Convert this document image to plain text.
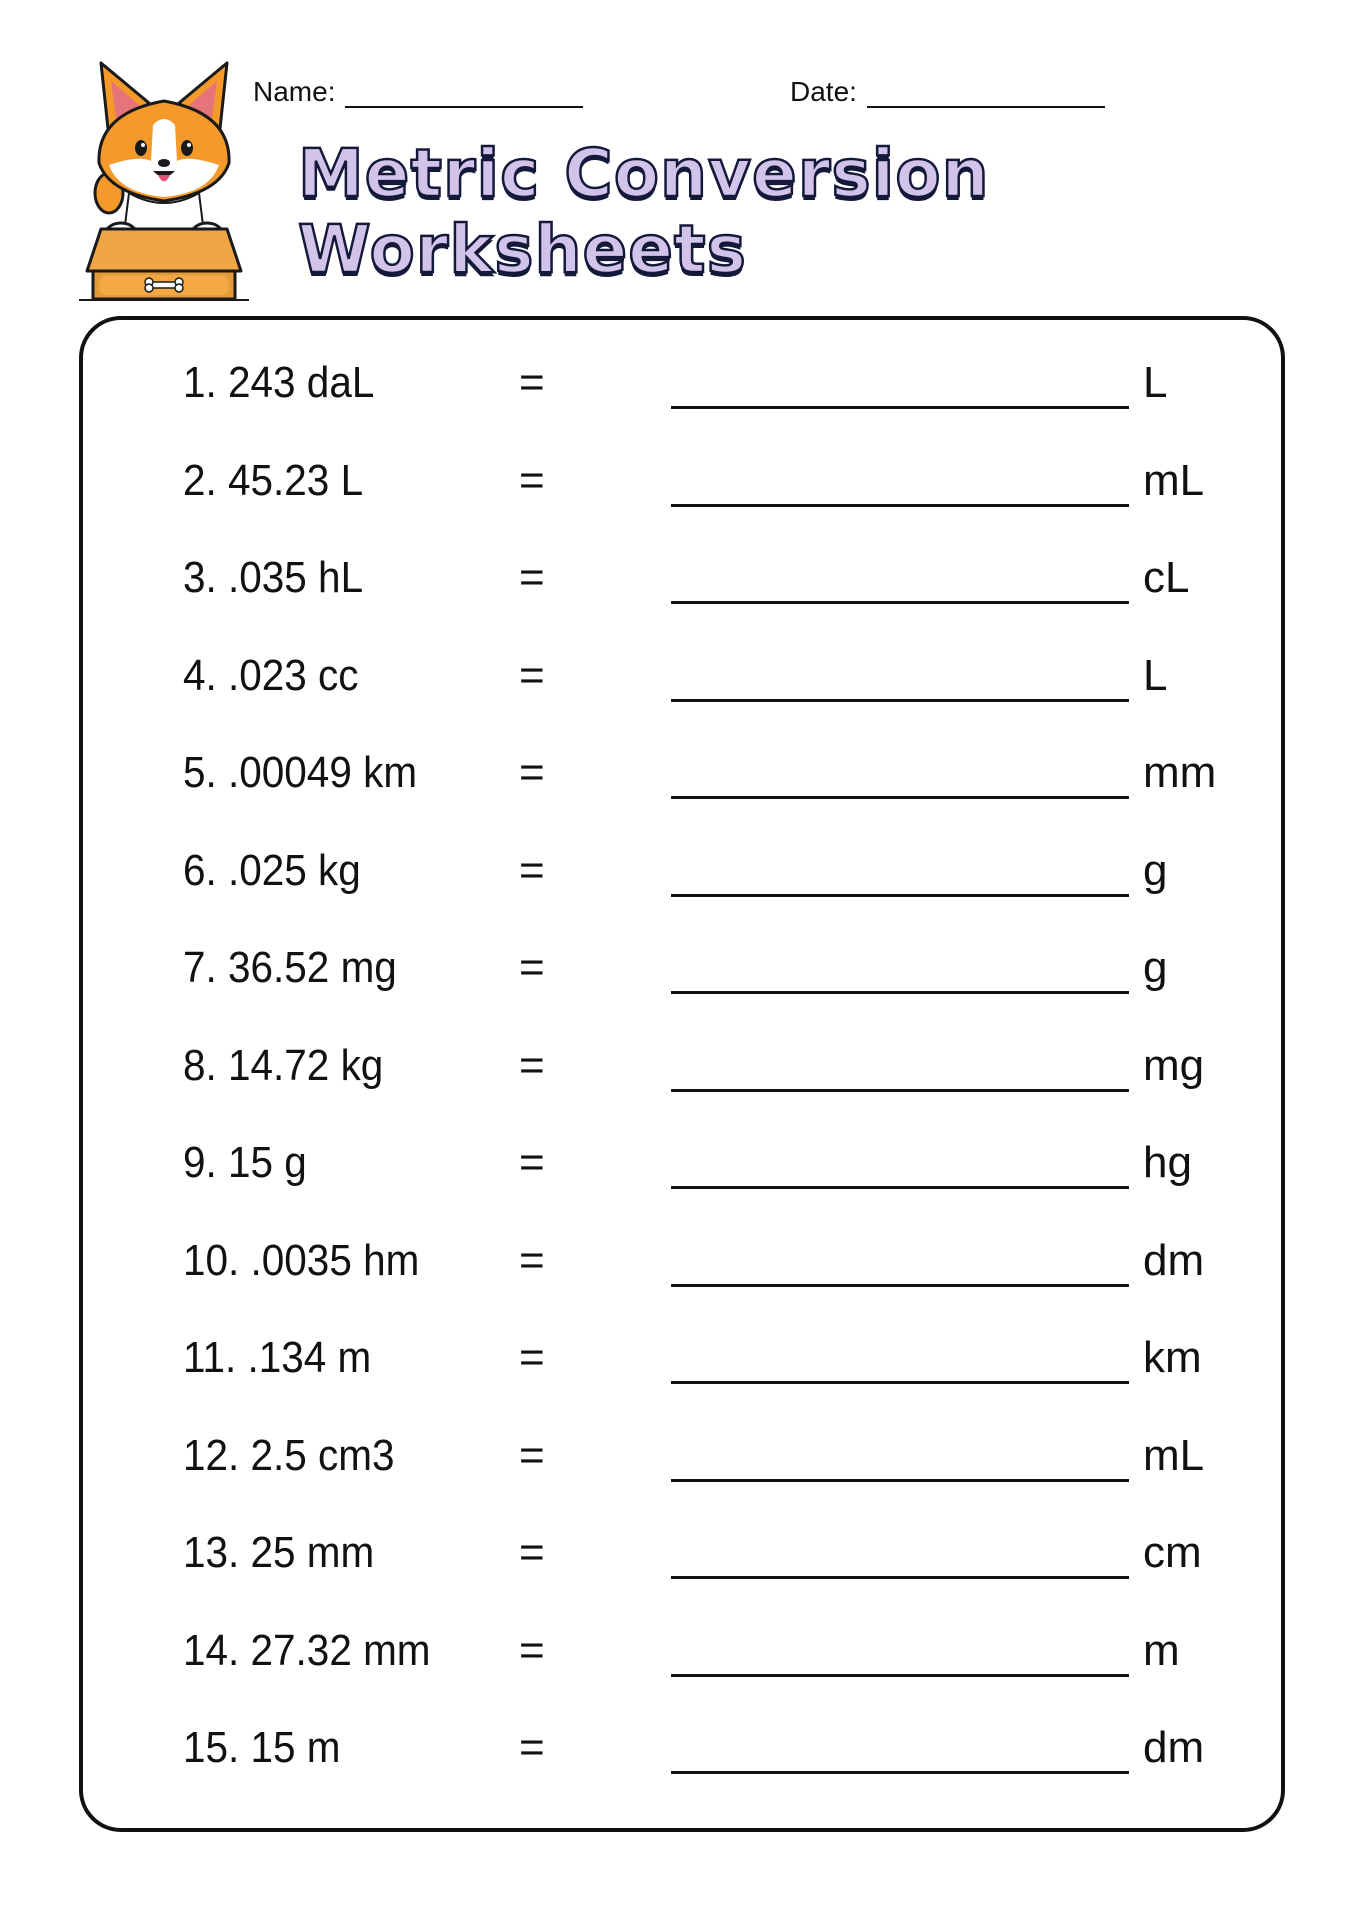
Name:	Date:
Metric Conversion
Worksheets
1. 243 daL	=	L
2. 45.23 L	=	mL
3. .035 hL	=	cL
4. .023 cc	=	L
5. .00049 km =	mm
6. .025 kg	=	g
7. 36.52 mg	=	g
8. 14.72 kg	=	mg
9. 15 g	=	hg
10. .0035 hm =	dm
11. .134 m	=	km
12. 2.5 cm3	=	mL
13. 25 mm	=	cm
14. 27.32 mm =	m
15. 15 m	=	dm
